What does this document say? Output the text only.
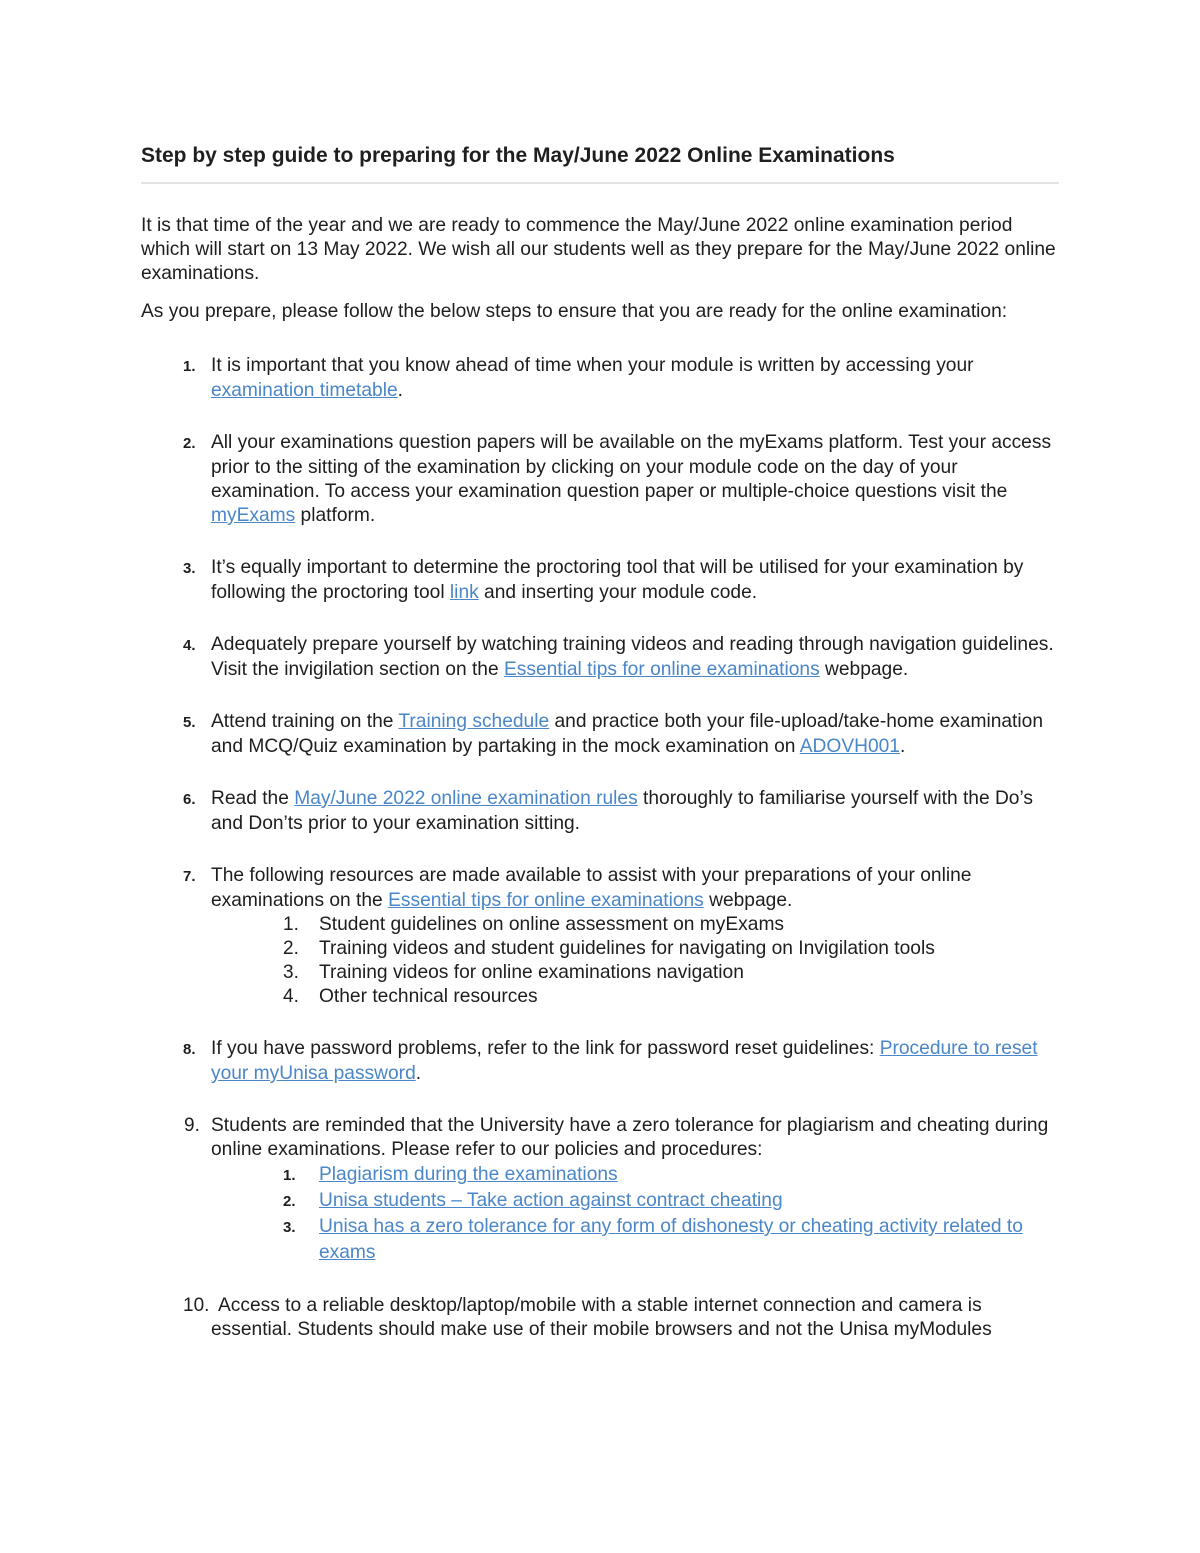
Step by step guide to preparing for the May/June 2022 Online Examinations

It is that time of the year and we are ready to commence the May/June 2022 online examination period which will start on 13 May 2022. We wish all our students well as they prepare for the May/June 2022 online examinations.

As you prepare, please follow the below steps to ensure that you are ready for the online examination:

1. It is important that you know ahead of time when your module is written by accessing your examination timetable.
2. All your examinations question papers will be available on the myExams platform. Test your access prior to the sitting of the examination by clicking on your module code on the day of your examination. To access your examination question paper or multiple-choice questions visit the myExams platform.
3. It’s equally important to determine the proctoring tool that will be utilised for your examination by following the proctoring tool link and inserting your module code.
4. Adequately prepare yourself by watching training videos and reading through navigation guidelines. Visit the invigilation section on the Essential tips for online examinations webpage.
5. Attend training on the Training schedule and practice both your file-upload/take-home examination and MCQ/Quiz examination by partaking in the mock examination on ADOVH001.
6. Read the May/June 2022 online examination rules thoroughly to familiarise yourself with the Do’s and Don’ts prior to your examination sitting.
7. The following resources are made available to assist with your preparations of your online examinations on the Essential tips for online examinations webpage.
1.	Student guidelines on online assessment on myExams
2.	Training videos and student guidelines for navigating on Invigilation tools
3.	Training videos for online examinations navigation
4.	Other technical resources
8. If you have password problems, refer to the link for password reset guidelines: Procedure to reset your myUnisa password.
9. Students are reminded that the University have a zero tolerance for plagiarism and cheating during online examinations. Please refer to our policies and procedures:
1.	Plagiarism during the examinations
2.	Unisa students – Take action against contract cheating
3.	Unisa has a zero tolerance for any form of dishonesty or cheating activity related to exams
10. Access to a reliable desktop/laptop/mobile with a stable internet connection and camera is essential. Students should make use of their mobile browsers and not the Unisa myModules
